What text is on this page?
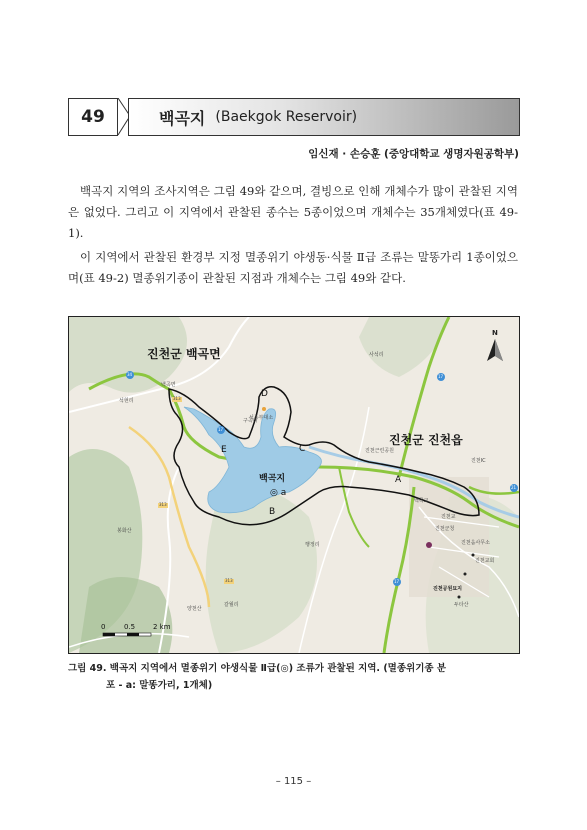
49	백곡지 (Baekgok Reservoir)
임신재 · 손승훈 (중앙대학교 생명자원공학부)

백곡지 지역의 조사지역은 그림 49와 같으며, 결빙으로 인해 개체수가 많이 관찰된 지역은 없었다. 그리고 이 지역에서 관찰된 종수는 5종이었으며 개체수는 35개체였다(표 49-1).

이 지역에서 관찰된 환경부 지정 멸종위기 야생동·식물 Ⅱ급 조류는 말똥가리 1종이었으며(표 49-2) 멸종위기종이 관찰된 지점과 개체수는 그림 49와 같다.

진천군 백곡면
진천군 진천읍
백곡지
◎ a
A
B
C
D
E
34	17
313
313
313
17
17
21
백곡면
석현리
사석리
석종부대소
진천근린공원
백곡교
진천교
진천군청
진천읍사무소
진천교회
진천공원묘지
진천IC
양천산
두타산
봉화산
행정리
갈월리
구곡리
N
0	0.5	2 km
그림 49. 백곡지 지역에서 멸종위기 야생식물 Ⅱ급(◎) 조류가 관찰된 지역. (멸종위기종 분
포 - a: 말똥가리, 1개체)
– 115 –
